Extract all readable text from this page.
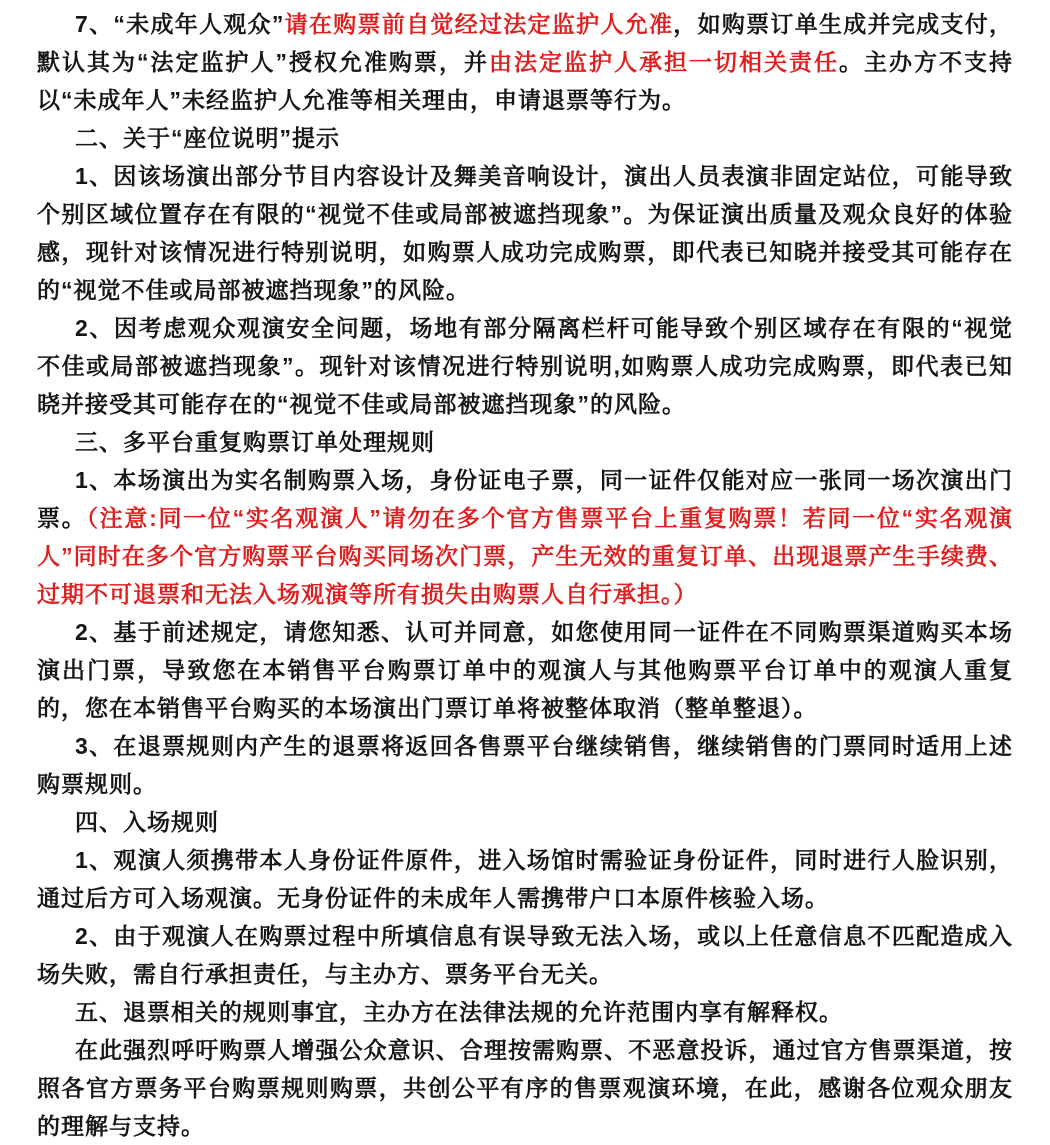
7、“未成年人观众”请在购票前自觉经过法定监护人允准，如购票订单生成并完成支付，默认其为“法定监护人”授权允准购票，并由法定监护人承担一切相关责任。主办方不支持以“未成年人”未经监护人允准等相关理由，申请退票等行为。

二、关于“座位说明”提示

1、因该场演出部分节目内容设计及舞美音响设计，演出人员表演非固定站位，可能导致个别区域位置存在有限的“视觉不佳或局部被遮挡现象”。为保证演出质量及观众良好的体验感，现针对该情况进行特别说明，如购票人成功完成购票，即代表已知晓并接受其可能存在的“视觉不佳或局部被遮挡现象”的风险。

2、因考虑观众观演安全问题，场地有部分隔离栏杆可能导致个别区域存在有限的“视觉不佳或局部被遮挡现象”。现针对该情况进行特别说明,如购票人成功完成购票，即代表已知晓并接受其可能存在的“视觉不佳或局部被遮挡现象”的风险。

三、多平台重复购票订单处理规则

1、本场演出为实名制购票入场，身份证电子票，同一证件仅能对应一张同一场次演出门票。（注意:同一位“实名观演人”请勿在多个官方售票平台上重复购票！若同一位“实名观演人”同时在多个官方购票平台购买同场次门票，产生无效的重复订单、出现退票产生手续费、过期不可退票和无法入场观演等所有损失由购票人自行承担。）

2、基于前述规定，请您知悉、认可并同意，如您使用同一证件在不同购票渠道购买本场演出门票，导致您在本销售平台购票订单中的观演人与其他购票平台订单中的观演人重复的，您在本销售平台购买的本场演出门票订单将被整体取消（整单整退）。

3、在退票规则内产生的退票将返回各售票平台继续销售，继续销售的门票同时适用上述购票规则。

四、入场规则

1、观演人须携带本人身份证件原件，进入场馆时需验证身份证件，同时进行人脸识别，通过后方可入场观演。无身份证件的未成年人需携带户口本原件核验入场。

2、由于观演人在购票过程中所填信息有误导致无法入场，或以上任意信息不匹配造成入场失败，需自行承担责任，与主办方、票务平台无关。

五、退票相关的规则事宜，主办方在法律法规的允许范围内享有解释权。

在此强烈呼吁购票人增强公众意识、合理按需购票、不恶意投诉，通过官方售票渠道，按照各官方票务平台购票规则购票，共创公平有序的售票观演环境，在此，感谢各位观众朋友的理解与支持。
